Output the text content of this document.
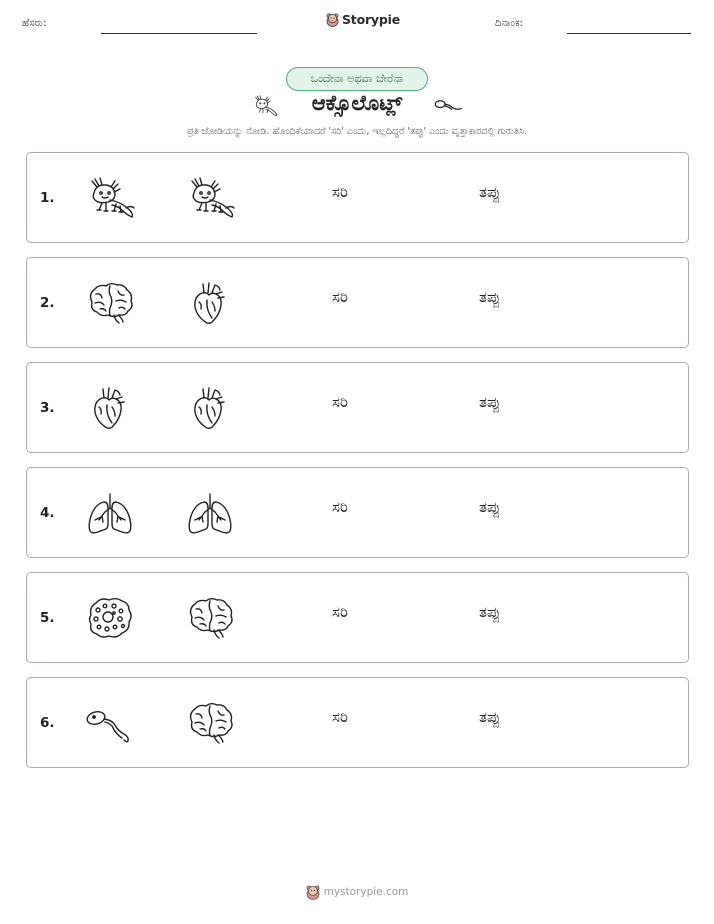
ಹೆಸರು:	Storypie	ದಿನಾಂಕ:
ಒಂದೇನಾ ಅಥವಾ ಬೇರೆನಾ
ಆಕ್ಸೊಲೊಟ್ಲ್
ಪ್ರತಿ ಜೋಡಿಯನ್ನು ನೋಡಿ. ಹೊಂದಿಕೆಯಾದರೆ 'ಸರಿ' ಎಂದು, ಇಲ್ಲದಿದ್ದರೆ 'ತಪ್ಪು' ಎಂದು ವೃತ್ತಾಕಾರದಲ್ಲಿ ಗುರುತಿಸಿ.
1.	ಸರಿ	ತಪ್ಪು
2.	ಸರಿ	ತಪ್ಪು
3.	ಸರಿ	ತಪ್ಪು
4.	ಸರಿ	ತಪ್ಪು
5.	ಸರಿ	ತಪ್ಪು
6.	ಸರಿ	ತಪ್ಪು
mystorypie.com
